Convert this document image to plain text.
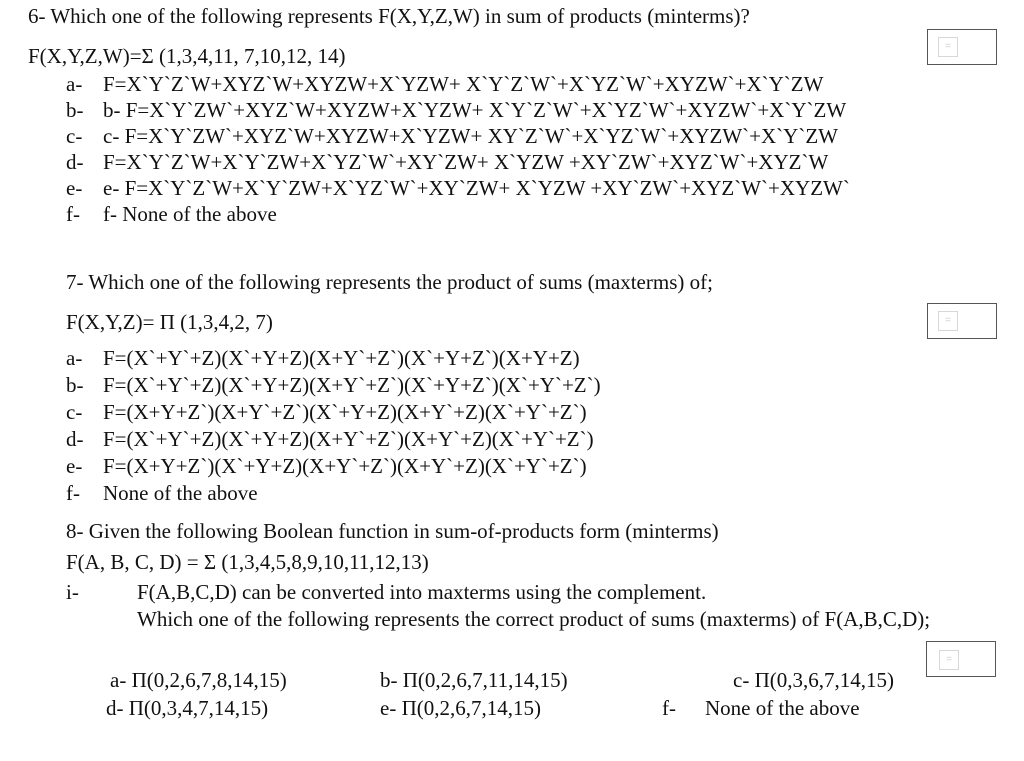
6- Which one of the following represents F(X,Y,Z,W) in sum of products (minterms)?
F(X,Y,Z,W)=Σ (1,3,4,11, 7,10,12, 14)	=
a- F=X`Y`Z`W+XYZ`W+XYZW+X`YZW+ X`Y`Z`W`+X`YZ`W`+XYZW`+X`Y`ZW
b- b- F=X`Y`ZW`+XYZ`W+XYZW+X`YZW+ X`Y`Z`W`+X`YZ`W`+XYZW`+X`Y`ZW
c- c- F=X`Y`ZW`+XYZ`W+XYZW+X`YZW+ XY`Z`W`+X`YZ`W`+XYZW`+X`Y`ZW
d- F=X`Y`Z`W+X`Y`ZW+X`YZ`W`+XY`ZW+ X`YZW +XY`ZW`+XYZ`W`+XYZ`W
e- e- F=X`Y`Z`W+X`Y`ZW+X`YZ`W`+XY`ZW+ X`YZW +XY`ZW`+XYZ`W`+XYZW`
f- f- None of the above
7- Which one of the following represents the product of sums (maxterms) of;
F(X,Y,Z)= Π (1,3,4,2, 7)	=
a- F=(X`+Y`+Z)(X`+Y+Z)(X+Y`+Z`)(X`+Y+Z`)(X+Y+Z)
b- F=(X`+Y`+Z)(X`+Y+Z)(X+Y`+Z`)(X`+Y+Z`)(X`+Y`+Z`)
c- F=(X+Y+Z`)(X+Y`+Z`)(X`+Y+Z)(X+Y`+Z)(X`+Y`+Z`)
d- F=(X`+Y`+Z)(X`+Y+Z)(X+Y`+Z`)(X+Y`+Z)(X`+Y`+Z`)
e- F=(X+Y+Z`)(X`+Y+Z)(X+Y`+Z`)(X+Y`+Z)(X`+Y`+Z`)
f- None of the above
8- Given the following Boolean function in sum-of-products form (minterms)
F(A, B, C, D) = Σ (1,3,4,5,8,9,10,11,12,13)
i-	F(A,B,C,D) can be converted into maxterms using the complement.
Which one of the following represents the correct product of sums (maxterms) of F(A,B,C,D);
a- Π(0,2,6,7,8,14,15)	b- Π(0,2,6,7,11,14,15)	c- Π(0,3,6,7,14,15)
=
d- Π(0,3,4,7,14,15)	e- Π(0,2,6,7,14,15)	f- None of the above
